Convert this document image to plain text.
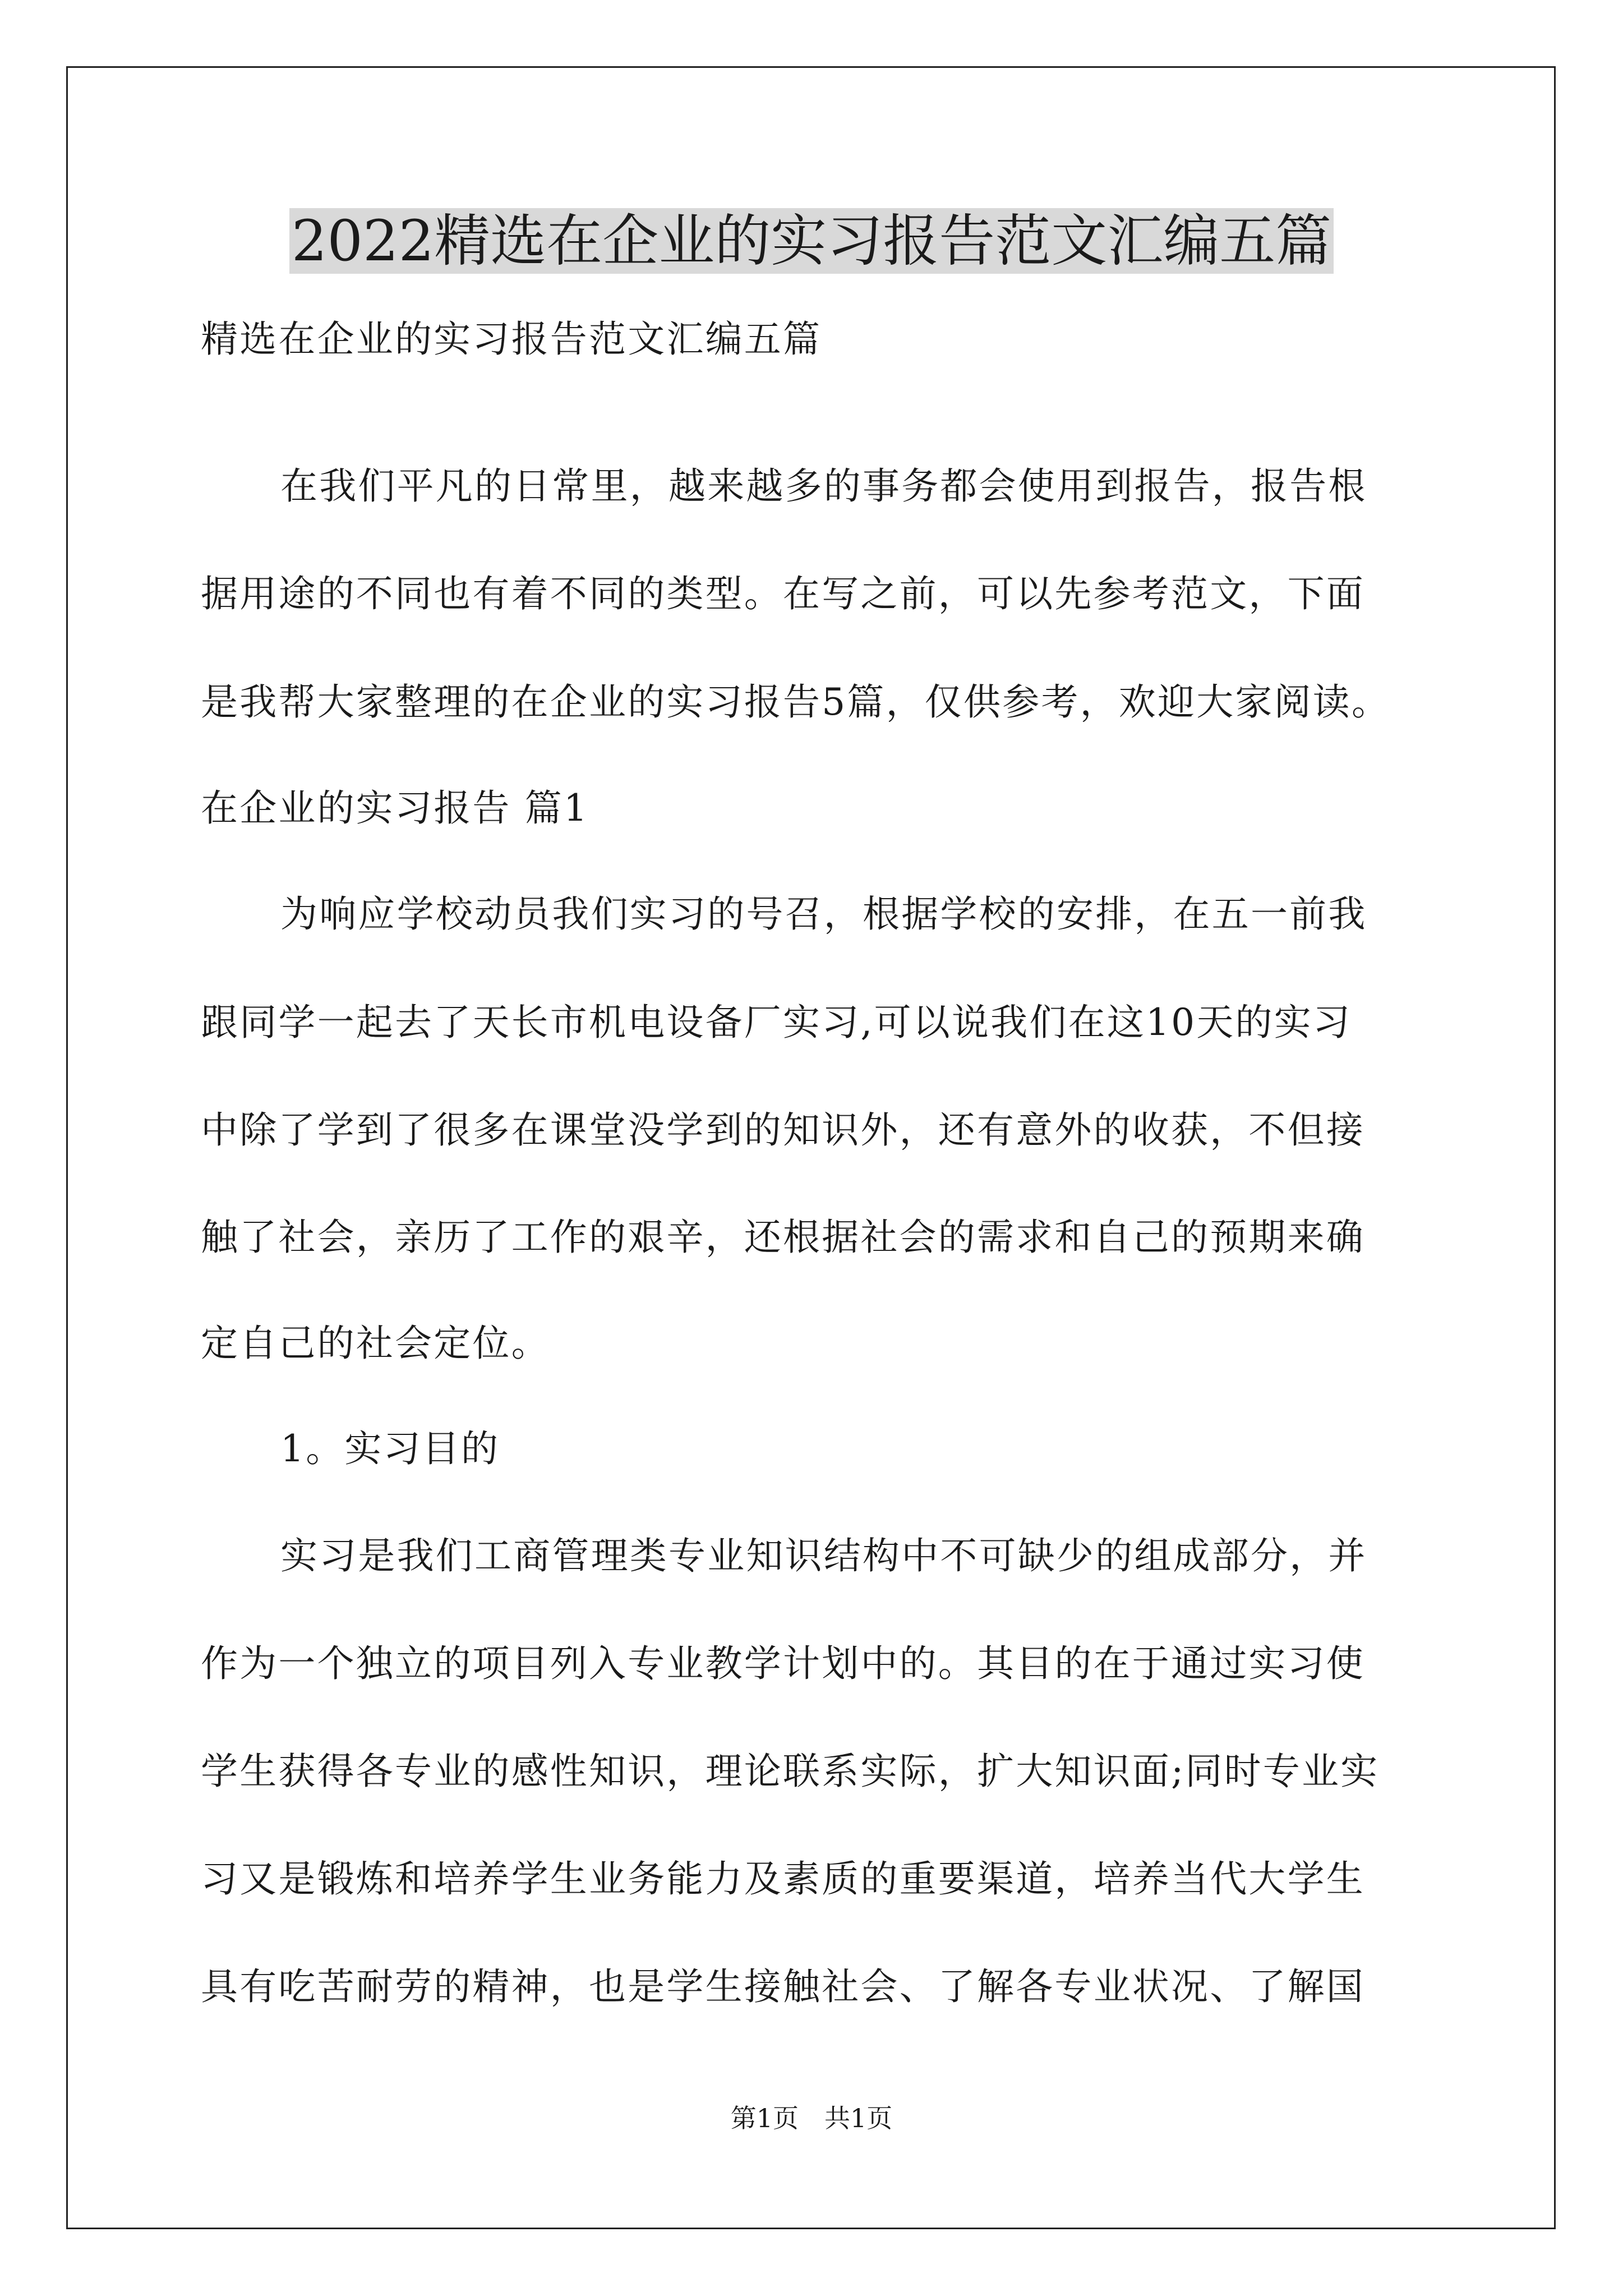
2022精选在企业的实习报告范文汇编五篇
精选在企业的实习报告范文汇编五篇
在我们平凡的日常里，越来越多的事务都会使用到报告，报告根
据用途的不同也有着不同的类型。在写之前，可以先参考范文，下面
是我帮大家整理的在企业的实习报告5篇，仅供参考，欢迎大家阅读。
在企业的实习报告 篇1
为响应学校动员我们实习的号召，根据学校的安排，在五一前我
跟同学一起去了天长市机电设备厂实习,可以说我们在这10天的实习
中除了学到了很多在课堂没学到的知识外，还有意外的收获，不但接
触了社会，亲历了工作的艰辛，还根据社会的需求和自己的预期来确
定自己的社会定位。
1。实习目的
实习是我们工商管理类专业知识结构中不可缺少的组成部分，并
作为一个独立的项目列入专业教学计划中的。其目的在于通过实习使
学生获得各专业的感性知识，理论联系实际，扩大知识面;同时专业实
习又是锻炼和培养学生业务能力及素质的重要渠道，培养当代大学生
具有吃苦耐劳的精神，也是学生接触社会、了解各专业状况、了解国
第1页　共1页
